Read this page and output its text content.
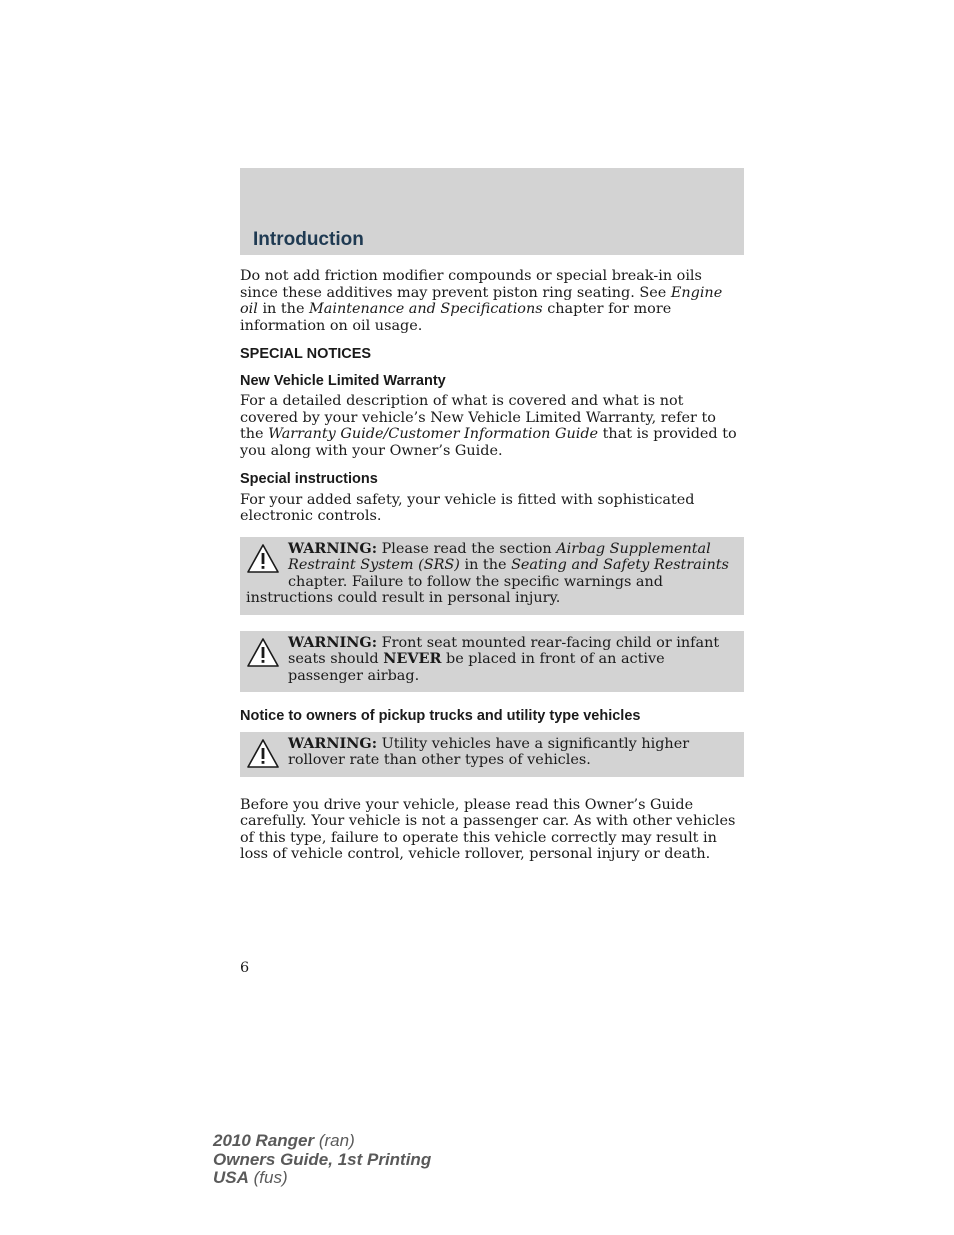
Introduction

Do not add friction modifier compounds or special break-in oils since these additives may prevent piston ring seating. See Engine oil in the Maintenance and Specifications chapter for more information on oil usage.

SPECIAL NOTICES
New Vehicle Limited Warranty

For a detailed description of what is covered and what is not covered by your vehicle’s New Vehicle Limited Warranty, refer to the Warranty Guide/Customer Information Guide that is provided to you along with your Owner’s Guide.

Special instructions

For your added safety, your vehicle is fitted with sophisticated electronic controls.

WARNING: Please read the section Airbag Supplemental Restraint System (SRS) in the Seating and Safety Restraints chapter. Failure to follow the specific warnings and instructions could result in personal injury.

WARNING: Front seat mounted rear-facing child or infant seats should NEVER be placed in front of an active passenger airbag.

Notice to owners of pickup trucks and utility type vehicles

WARNING: Utility vehicles have a significantly higher rollover rate than other types of vehicles.

Before you drive your vehicle, please read this Owner’s Guide carefully. Your vehicle is not a passenger car. As with other vehicles of this type, failure to operate this vehicle correctly may result in loss of vehicle control, vehicle rollover, personal injury or death.

6
2010 Ranger (ran)
Owners Guide, 1st Printing
USA (fus)
